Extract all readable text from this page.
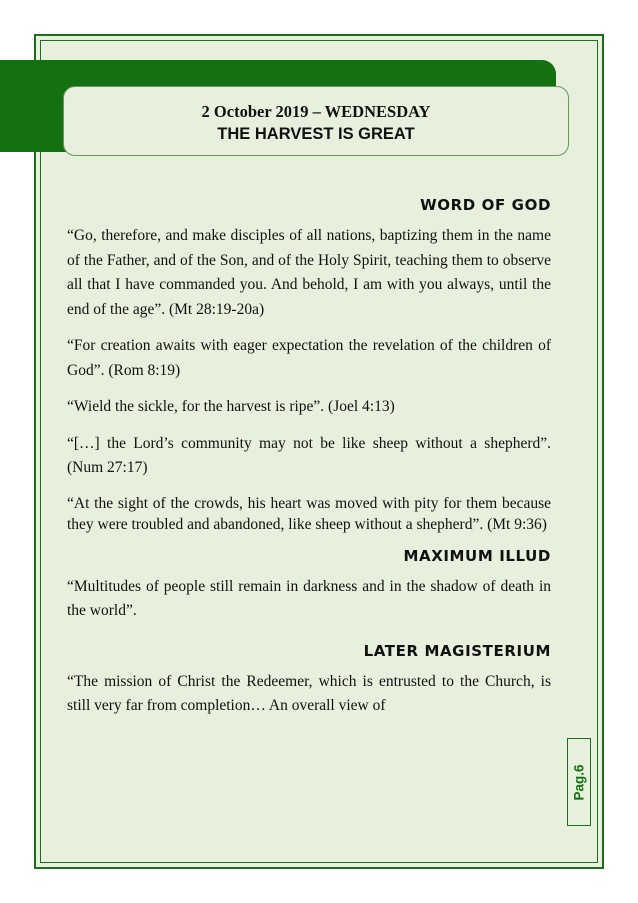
2 October 2019 – WEDNESDAY
THE HARVEST IS GREAT
WORD OF GOD

“Go, therefore, and make disciples of all nations, baptizing them in the name of the Father, and of the Son, and of the Holy Spirit, teaching them to observe all that I have commanded you. And behold, I am with you always, until the end of the age”. (Mt 28:19-20a)

“For creation awaits with eager expectation the revelation of the children of God”. (Rom 8:19)

“Wield the sickle, for the harvest is ripe”. (Joel 4:13)

“[…] the Lord’s community may not be like sheep without a shepherd”. (Num 27:17)

“At the sight of the crowds, his heart was moved with pity for them because they were troubled and abandoned, like sheep without a shepherd”. (Mt 9:36)

MAXIMUM ILLUD

“Multitudes of people still remain in darkness and in the shadow of death in the world”.

LATER MAGISTERIUM

“The mission of Christ the Redeemer, which is entrusted to the Church, is still very far from completion… An overall view of

Pag.6
